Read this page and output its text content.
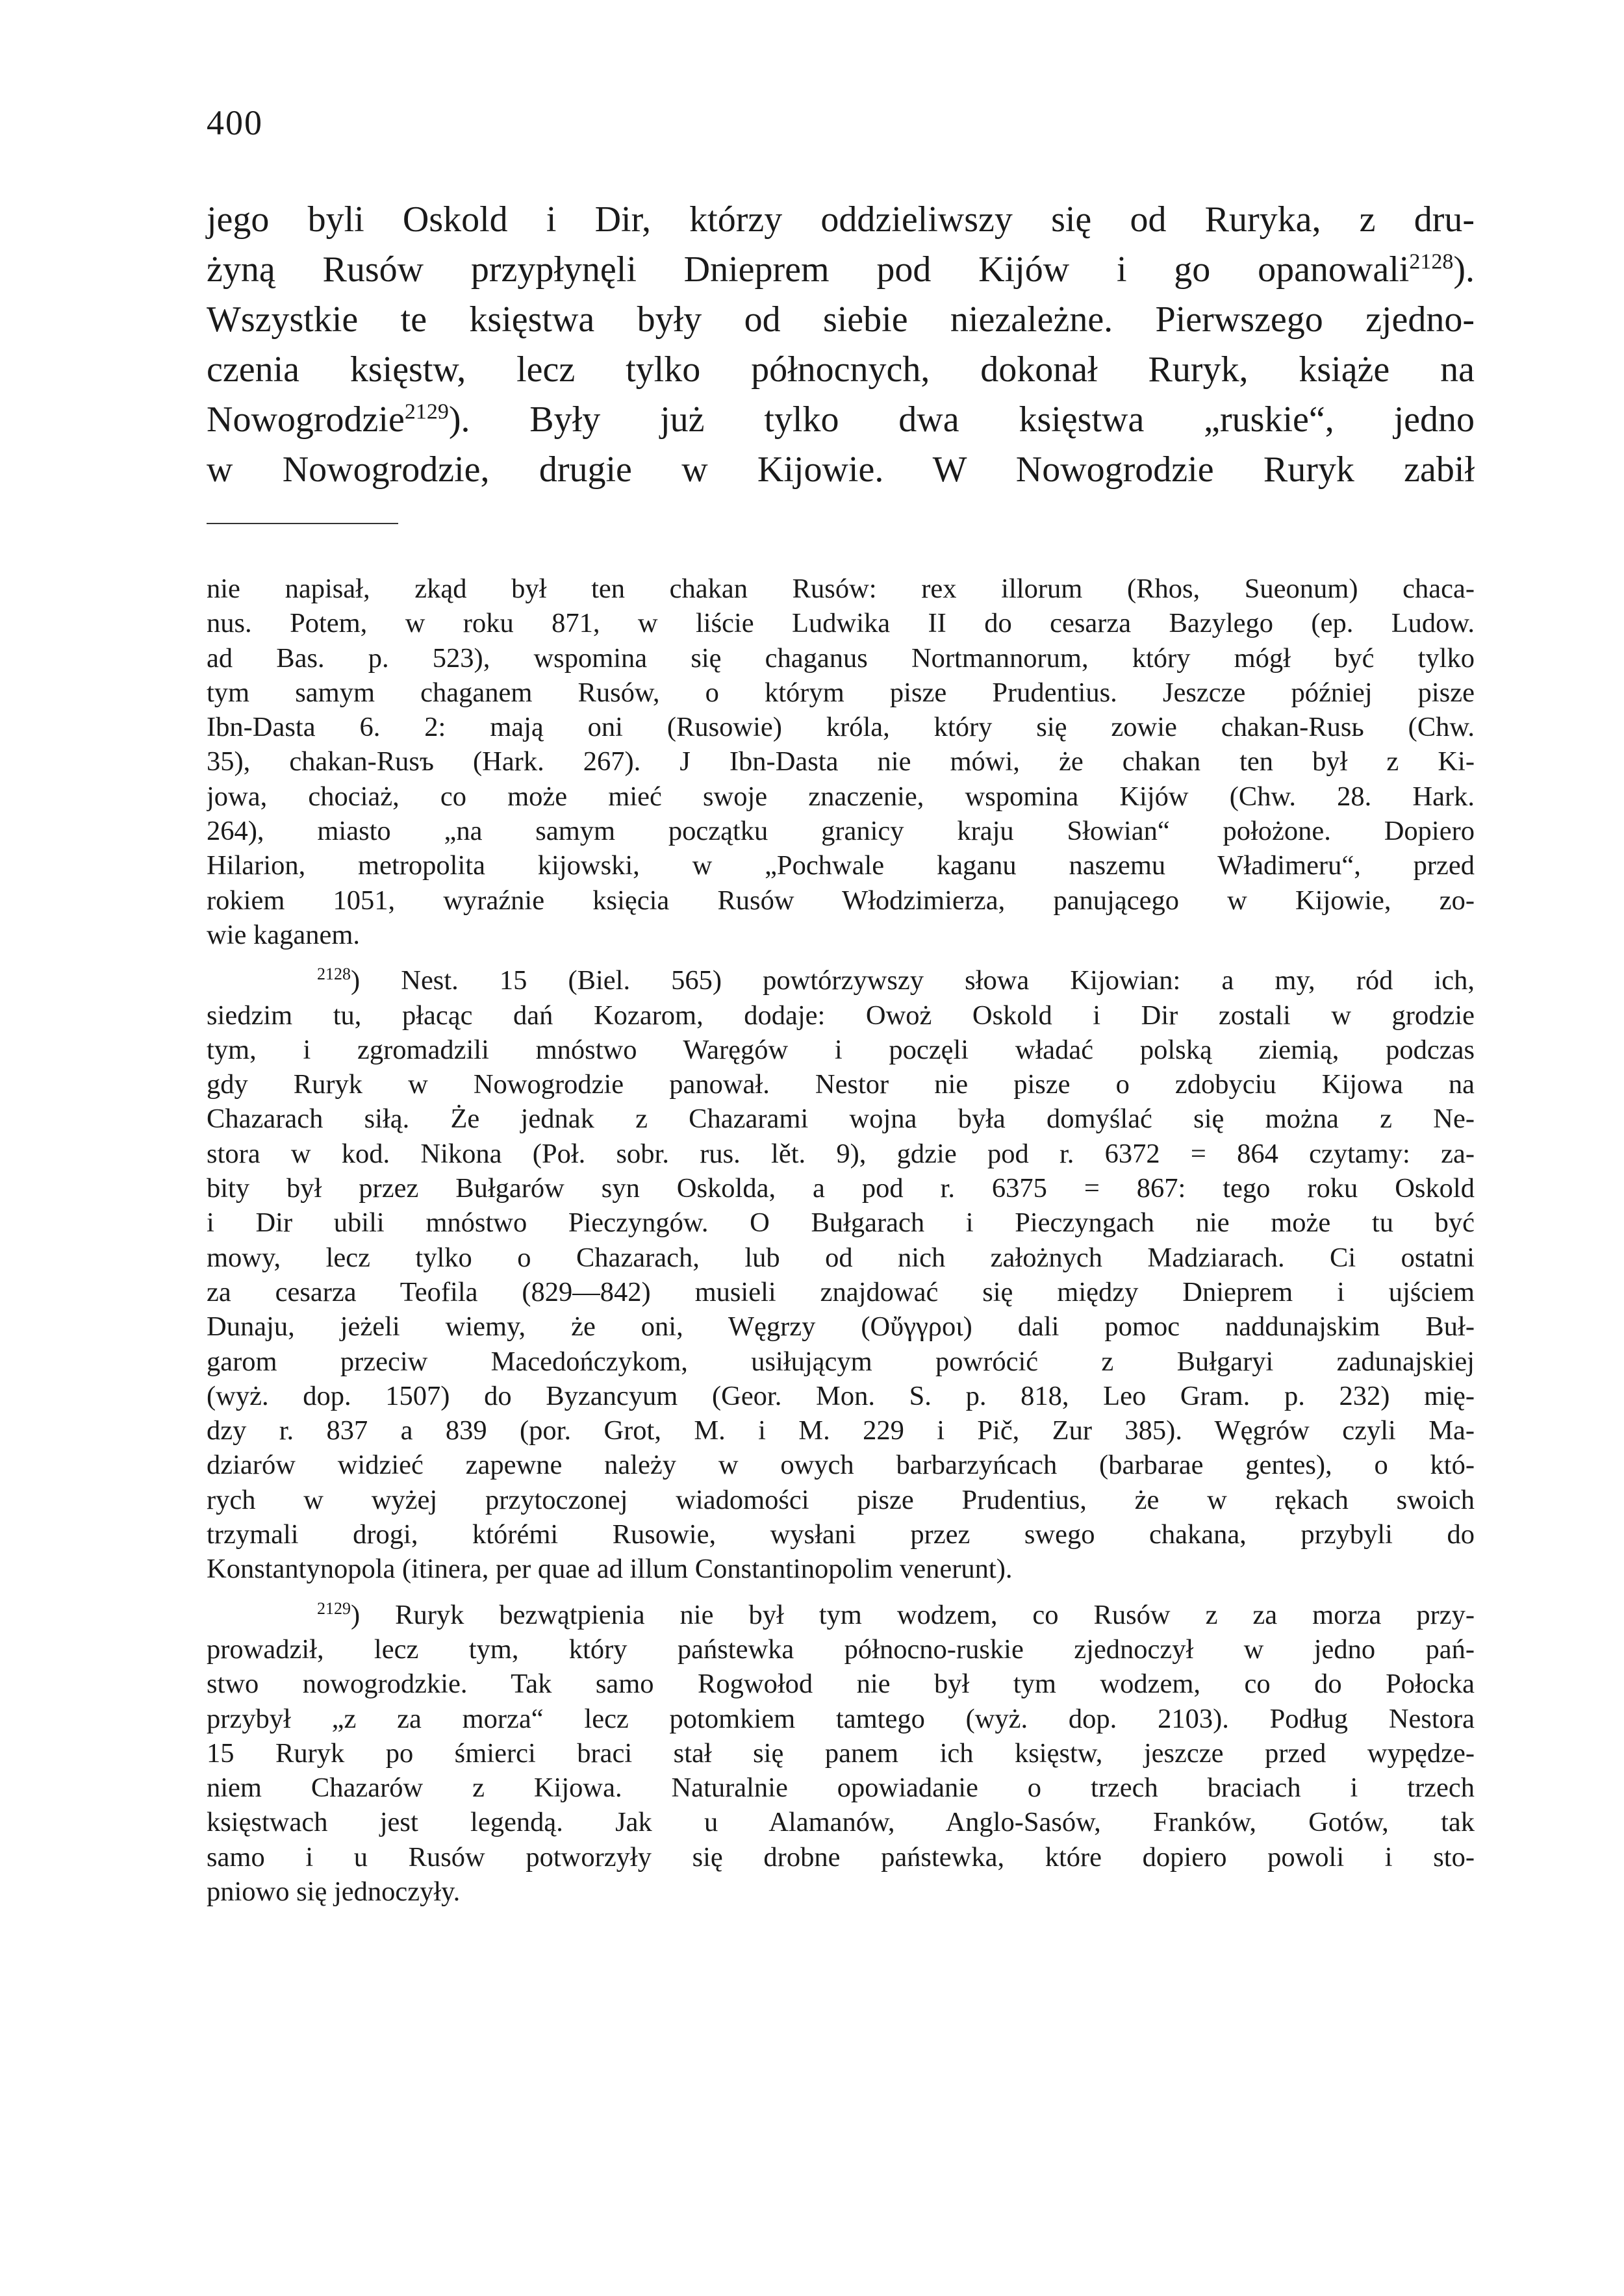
400
jego byli Oskold i Dir, którzy oddzieliwszy się od Ruryka, z dru-
żyną Rusów przypłynęli Dnieprem pod Kijów i go opanowali$^{2128}$).
Wszystkie te księstwa były od siebie niezależne. Pierwszego zjedno-
czenia księstw, lecz tylko północnych, dokonał Ruryk, książe na
Nowogrodzie$^{2129}$). Były już tylko dwa księstwa „ruskie“, jedno
w Nowogrodzie, drugie w Kijowie. W Nowogrodzie Ruryk zabił
nie napisał, zkąd był ten chakan Rusów: rex illorum (Rhos, Sueonum) chaca-
nus. Potem, w roku 871, w liście Ludwika II do cesarza Bazylego (ep. Ludow.
ad Bas. p. 523), wspomina się chaganus Nortmannorum, który mógł być tylko
tym samym chaganem Rusów, o którym pisze Prudentius. Jeszcze później pisze
Ibn-Dasta 6. 2: mają oni (Rusowie) króla, który się zowie chakan-Rusь (Chw.
35), chakan-Rusъ (Hark. 267). J Ibn-Dasta nie mówi, że chakan ten był z Ki-
jowa, chociaż, co może mieć swoje znaczenie, wspomina Kijów (Chw. 28. Hark.
264), miasto „na samym początku granicy kraju Słowian“ położone. Dopiero
Hilarion, metropolita kijowski, w „Pochwale kaganu naszemu Władimeru“, przed
rokiem 1051, wyraźnie księcia Rusów Włodzimierza, panującego w Kijowie, zo-
wie kaganem.
$^{2128}$) Nest. 15 (Biel. 565) powtórzywszy słowa Kijowian: a my, ród ich,
siedzim tu, płacąc dań Kozarom, dodaje: Owoż Oskold i Dir zostali w grodzie
tym, i zgromadzili mnóstwo Waręgów i poczęli władać polską ziemią, podczas
gdy Ruryk w Nowogrodzie panował. Nestor nie pisze o zdobyciu Kijowa na
Chazarach siłą. Że jednak z Chazarami wojna była domyślać się można z Ne-
stora w kod. Nikona (Poł. sobr. rus. lět. 9), gdzie pod r. 6372 = 864 czytamy: za-
bity był przez Bułgarów syn Oskolda, a pod r. 6375 = 867: tego roku Oskold
i Dir ubili mnóstwo Pieczyngów. O Bułgarach i Pieczyngach nie może tu być
mowy, lecz tylko o Chazarach, lub od nich założnych Madziarach. Ci ostatni
za cesarza Teofila (829—842) musieli znajdować się między Dnieprem i ujściem
Dunaju, jeżeli wiemy, że oni, Węgrzy (Οὔγγροι) dali pomoc naddunajskim Buł-
garom przeciw Macedończykom, usiłującym powrócić z Bułgaryi zadunajskiej
(wyż. dop. 1507) do Byzancyum (Geor. Mon. S. p. 818, Leo Gram. p. 232) mię-
dzy r. 837 a 839 (por. Grot, M. i M. 229 i Pič, Zur 385). Węgrów czyli Ma-
dziarów widzieć zapewne należy w owych barbarzyńcach (barbarae gentes), o któ-
rych w wyżej przytoczonej wiadomości pisze Prudentius, że w rękach swoich
trzymali drogi, którémi Rusowie, wysłani przez swego chakana, przybyli do
Konstantynopola (itinera, per quae ad illum Constantinopolim venerunt).
$^{2129}$) Ruryk bezwątpienia nie był tym wodzem, co Rusów z za morza przy-
prowadził, lecz tym, który państewka północno-ruskie zjednoczył w jedno pań-
stwo nowogrodzkie. Tak samo Rogwołod nie był tym wodzem, co do Połocka
przybył „z za morza“ lecz potomkiem tamtego (wyż. dop. 2103). Podług Nestora
15 Ruryk po śmierci braci stał się panem ich księstw, jeszcze przed wypędze-
niem Chazarów z Kijowa. Naturalnie opowiadanie o trzech braciach i trzech
księstwach jest legendą. Jak u Alamanów, Anglo-Sasów, Franków, Gotów, tak
samo i u Rusów potworzyły się drobne państewka, które dopiero powoli i sto-
pniowo się jednoczyły.
